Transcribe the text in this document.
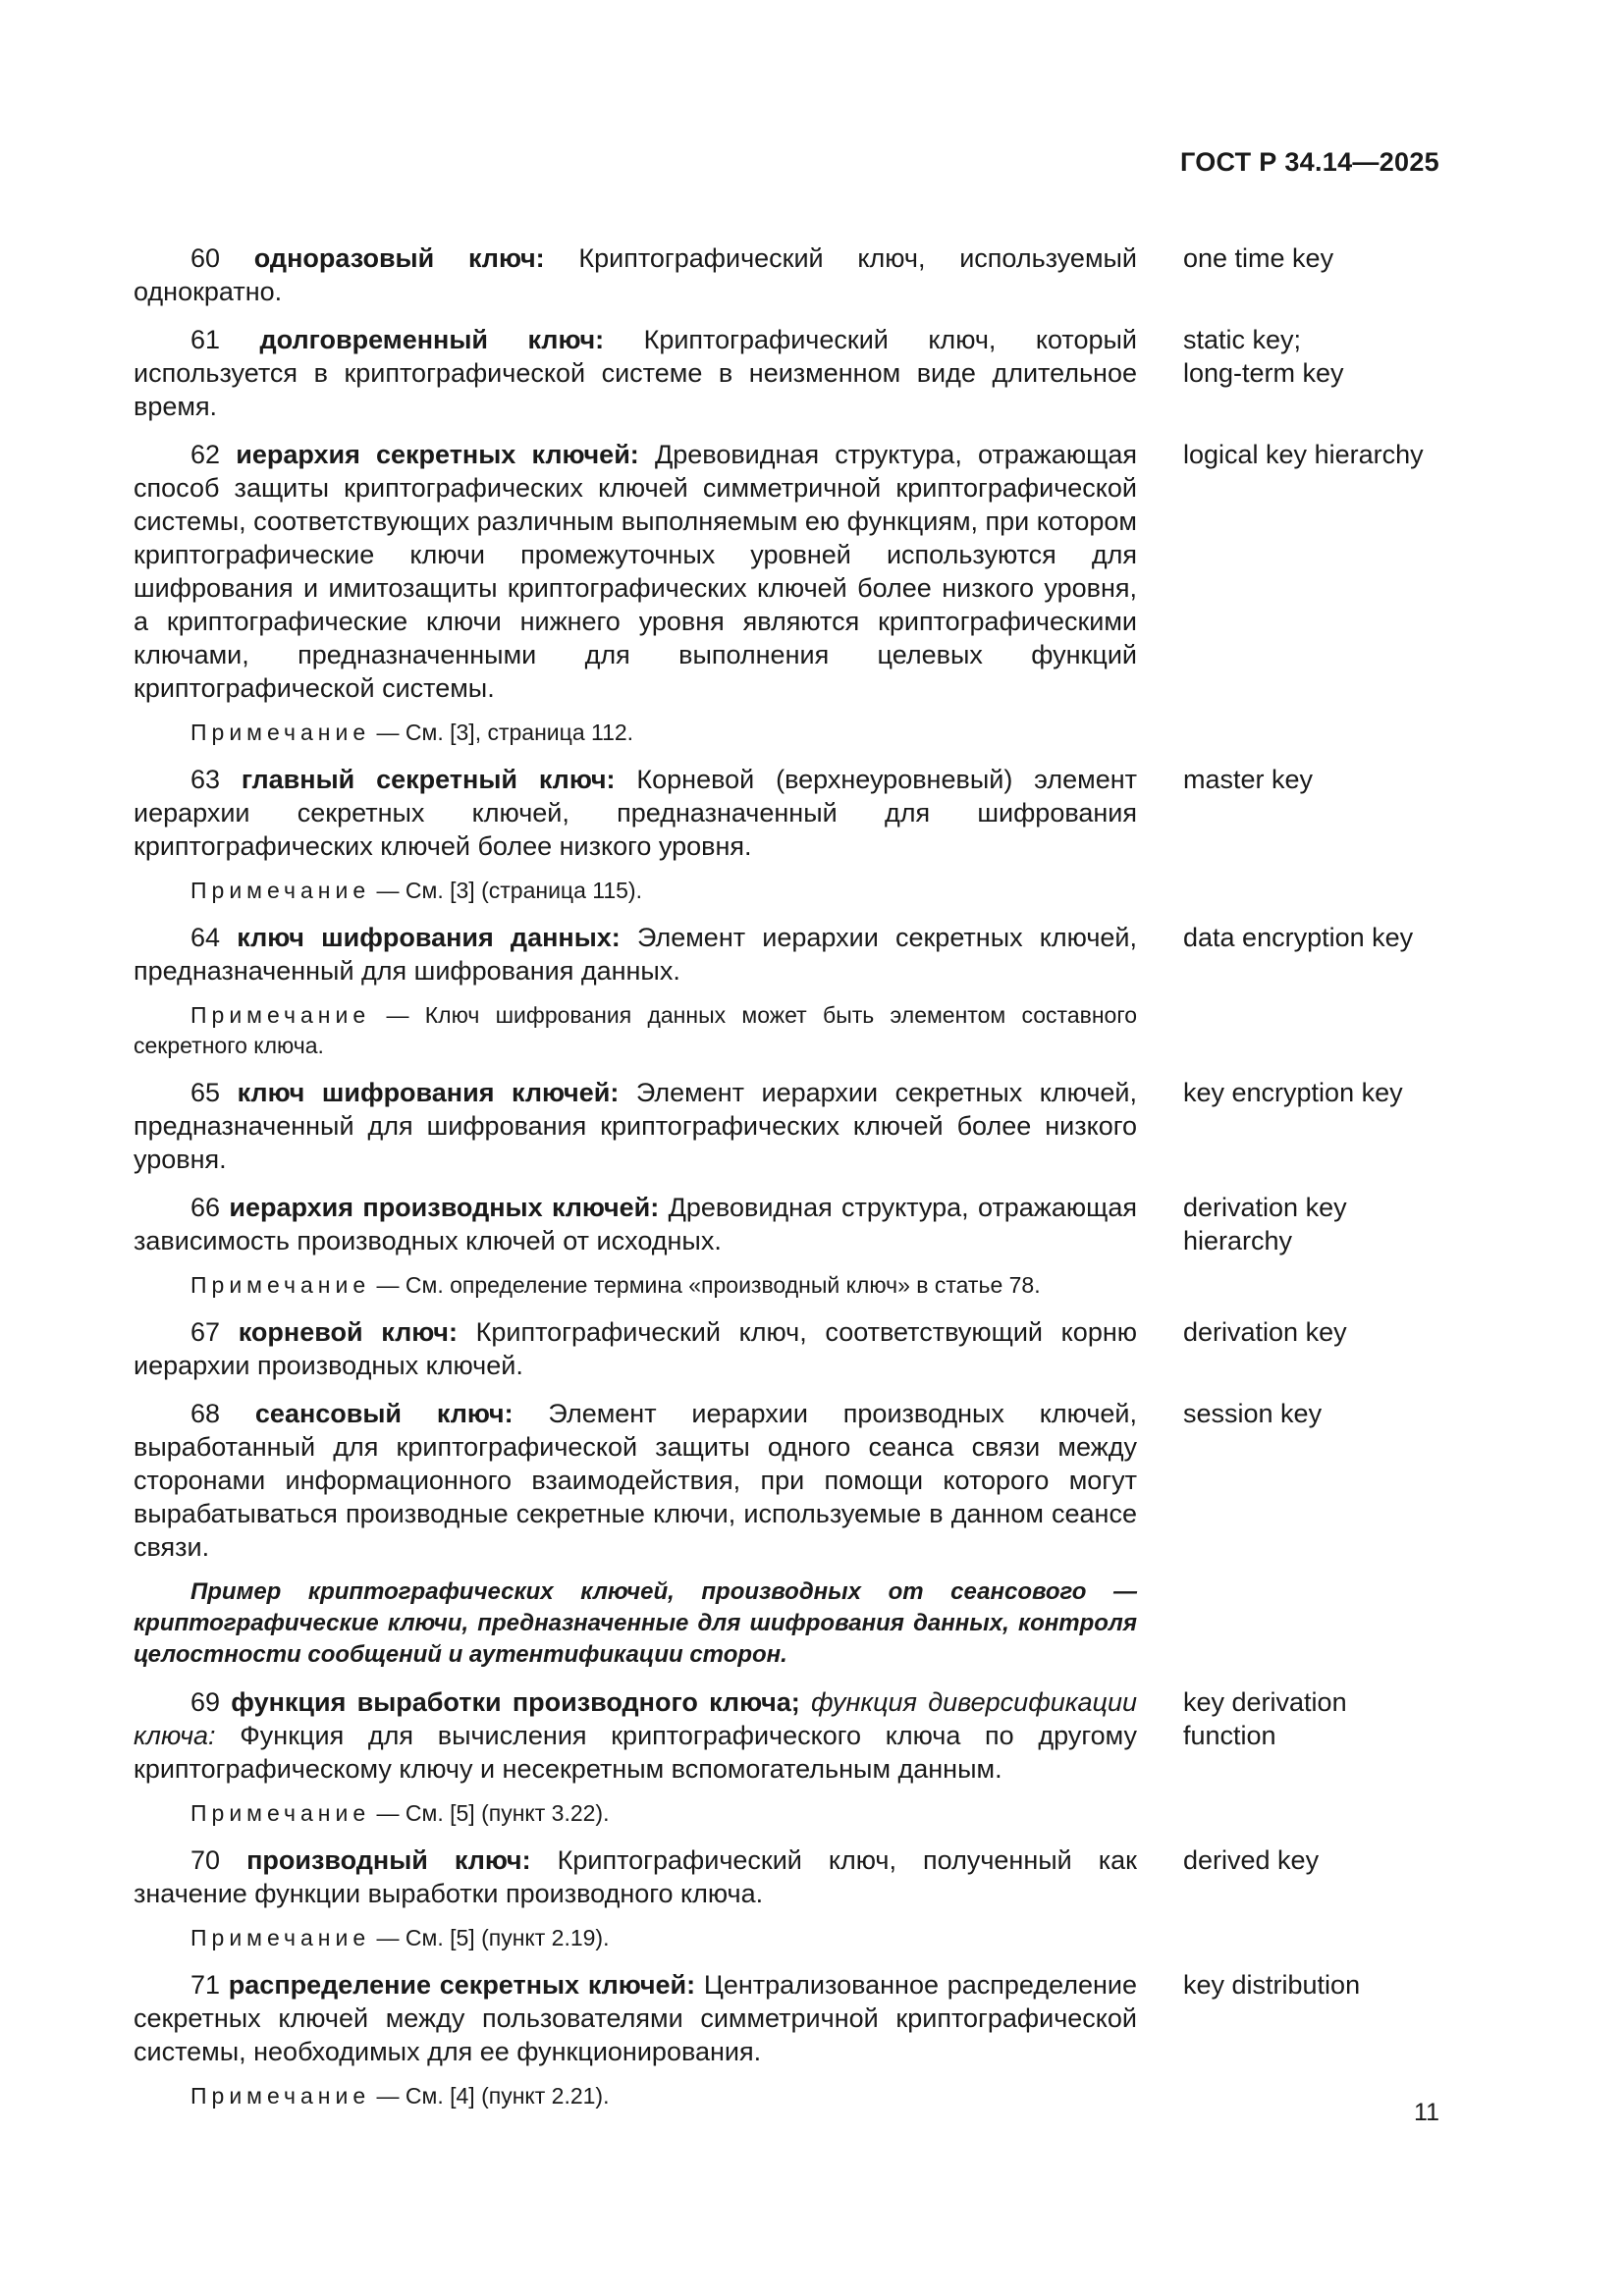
ГОСТ Р 34.14—2025

60 одноразовый ключ: Криптографический ключ, используемый однократно.

one time key

61 долговременный ключ: Криптографический ключ, который используется в криптографической системе в неизменном виде длительное время.

static key;
long-term key

62 иерархия секретных ключей: Древовидная структура, отражающая способ защиты криптографических ключей симметричной криптографической системы, соответствующих различным выполняемым ею функциям, при котором криптографические ключи промежуточных уровней используются для шифрования и имитозащиты криптографических ключей более низкого уровня, а криптографические ключи нижнего уровня являются криптографическими ключами, предназначенными для выполнения целевых функций криптографической системы.

Примечание — См. [3], страница 112.

logical key hierarchy

63 главный секретный ключ: Корневой (верхнеуровневый) элемент иерархии секретных ключей, предназначенный для шифрования криптографических ключей более низкого уровня.

Примечание — См. [3] (страница 115).

master key

64 ключ шифрования данных: Элемент иерархии секретных ключей, предназначенный для шифрования данных.

Примечание — Ключ шифрования данных может быть элементом составного секретного ключа.

data encryption key

65 ключ шифрования ключей: Элемент иерархии секретных ключей, предназначенный для шифрования криптографических ключей более низкого уровня.

key encryption key

66 иерархия производных ключей: Древовидная структура, отражающая зависимость производных ключей от исходных.

Примечание — См. определение термина «производный ключ» в статье 78.

derivation key
hierarchy

67 корневой ключ: Криптографический ключ, соответствующий корню иерархии производных ключей.

derivation key

68 сеансовый ключ: Элемент иерархии производных ключей, выработанный для криптографической защиты одного сеанса связи между сторонами информационного взаимодействия, при помощи которого могут вырабатываться производные секретные ключи, используемые в данном сеансе связи.

Пример криптографических ключей, производных от сеансового — криптографические ключи, предназначенные для шифрования данных, контроля целостности сообщений и аутентификации сторон.

session key

69 функция выработки производного ключа; функция диверсификации ключа: Функция для вычисления криптографического ключа по другому криптографическому ключу и несекретным вспомогательным данным.

Примечание — См. [5] (пункт 3.22).

key derivation
function

70 производный ключ: Криптографический ключ, полученный как значение функции выработки производного ключа.

Примечание — См. [5] (пункт 2.19).

derived key

71 распределение секретных ключей: Централизованное распределение секретных ключей между пользователями симметричной криптографической системы, необходимых для ее функционирования.

Примечание — См. [4] (пункт 2.21).

key distribution
11
